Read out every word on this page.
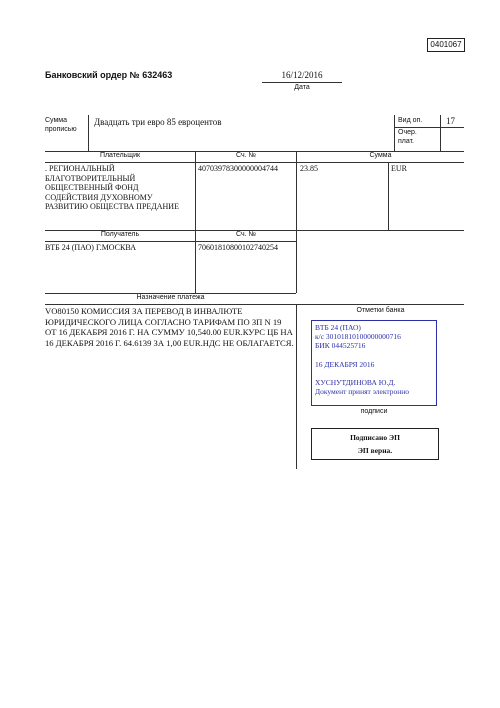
0401067
Банковский ордер № 632463	16/12/2016
Дата
Сумма прописью
Двадцать три евро 85 евроцентов	Вид оп.	17
Очер. плат.
Плательщик	Сч. №	Сумма
. РЕГИОНАЛЬНЫЙ БЛАГОТВОРИТЕЛЬНЫЙ ОБЩЕСТВЕННЫЙ ФОНД СОДЕЙСТВИЯ ДУХОВНОМУ РАЗВИТИЮ ОБЩЕСТВА ПРЕДАНИЕ
40703978300000004744	23.85	EUR
Получатель	Сч. №
ВТБ 24 (ПАО) Г.МОСКВА	70601810800102740254
Назначение платежа
VO80150 КОМИССИЯ ЗА ПЕРЕВОД В ИНВАЛЮТЕ ЮРИДИЧЕСКОГО ЛИЦА СОГЛАСНО ТАРИФАМ ПО ЗП N 19 ОТ 16 ДЕКАБРЯ 2016 Г. НА СУММУ 10,540.00 EUR.КУРС ЦБ НА 16 ДЕКАБРЯ 2016 Г. 64.6139 ЗА 1,00 EUR.НДС НЕ ОБЛАГАЕТСЯ.
Отметки банка
ВТБ 24 (ПАО)
к/с 30101810100000000716
БИК 044525716
16 ДЕКАБРЯ 2016
ХУСНУТДИНОВА Ю.Д.
Документ принят электронно
подписи
Подписано ЭП
ЭП верна.
